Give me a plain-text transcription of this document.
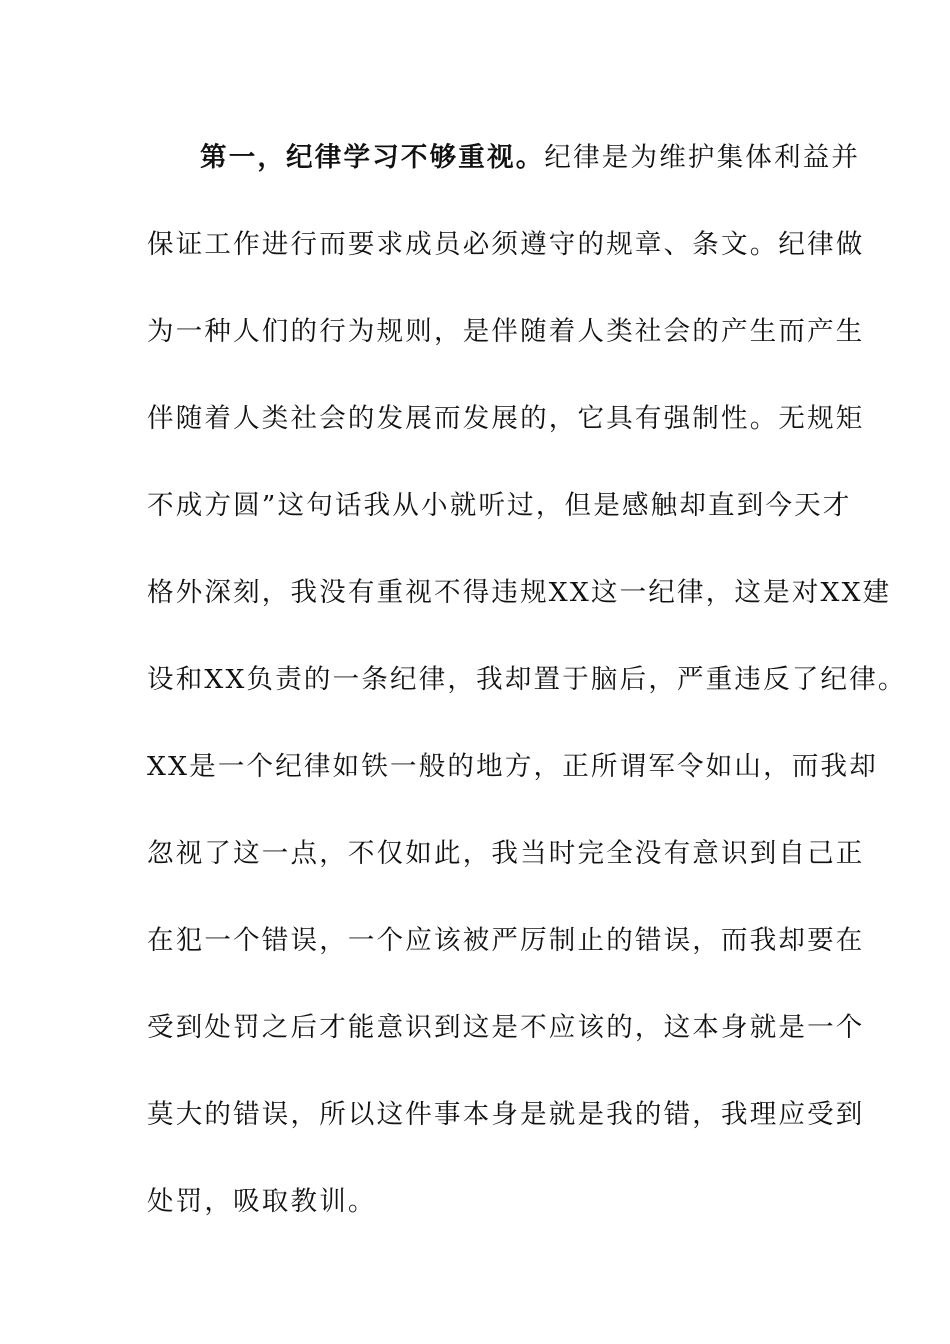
第一，纪律学习不够重视。纪律是为维护集体利益并
保证工作进行而要求成员必须遵守的规章、条文。纪律做
为一种人们的行为规则，是伴随着人类社会的产生而产生
伴随着人类社会的发展而发展的，它具有强制性。无规矩
不成方圆”这句话我从小就听过，但是感触却直到今天才
格外深刻，我没有重视不得违规XX这一纪律，这是对XX建
设和XX负责的一条纪律，我却置于脑后，严重违反了纪律。
XX是一个纪律如铁一般的地方，正所谓军令如山，而我却
忽视了这一点，不仅如此，我当时完全没有意识到自己正
在犯一个错误，一个应该被严厉制止的错误，而我却要在
受到处罚之后才能意识到这是不应该的，这本身就是一个
莫大的错误，所以这件事本身是就是我的错，我理应受到
处罚，吸取教训。
